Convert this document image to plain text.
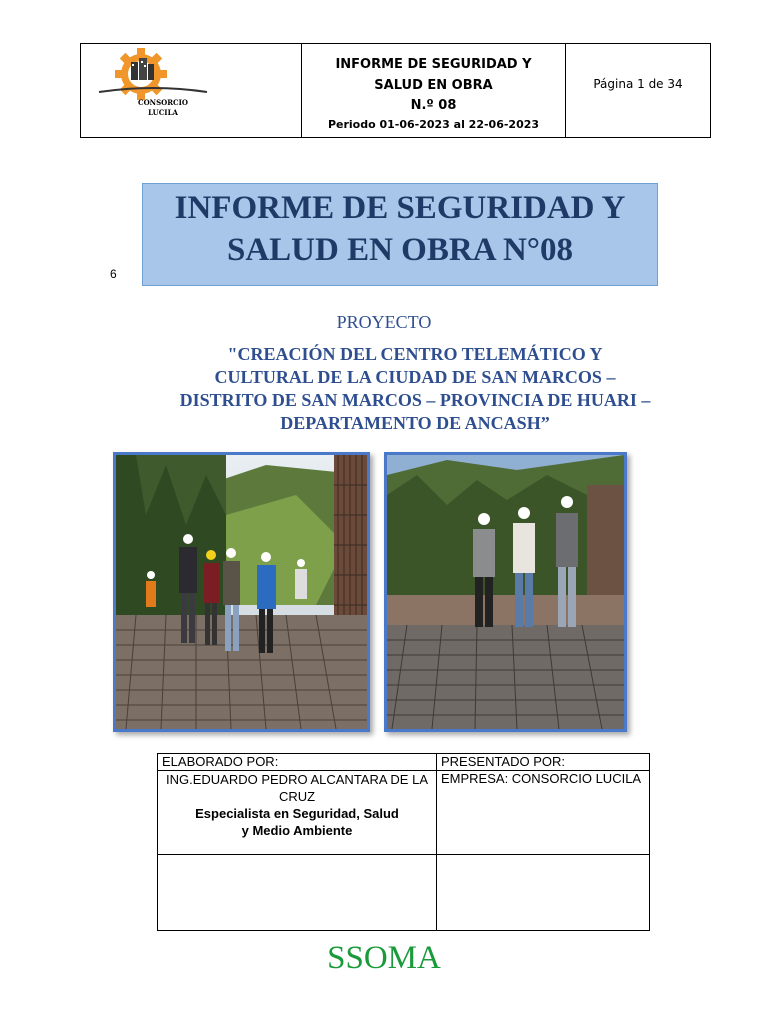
CONSORCIO
LUCILA
INFORME DE SEGURIDAD Y
SALUD EN OBRA
N.º 08
Periodo 01-06-2023 al 22-06-2023
Página 1 de 34
INFORME DE SEGURIDAD Y
SALUD EN OBRA N°08
6
PROYECTO
"CREACIÓN DEL CENTRO TELEMÁTICO Y
CULTURAL DE LA CIUDAD DE SAN MARCOS –
DISTRITO DE SAN MARCOS – PROVINCIA DE HUARI –
DEPARTAMENTO DE ANCASH”
ELABORADO POR:	PRESENTADO POR:

ING.EDUARDO PEDRO ALCANTARA DE LA
CRUZ
Especialista en Seguridad, Salud
y Medio Ambiente	EMPRESA: CONSORCIO LUCILA

SSOMA
